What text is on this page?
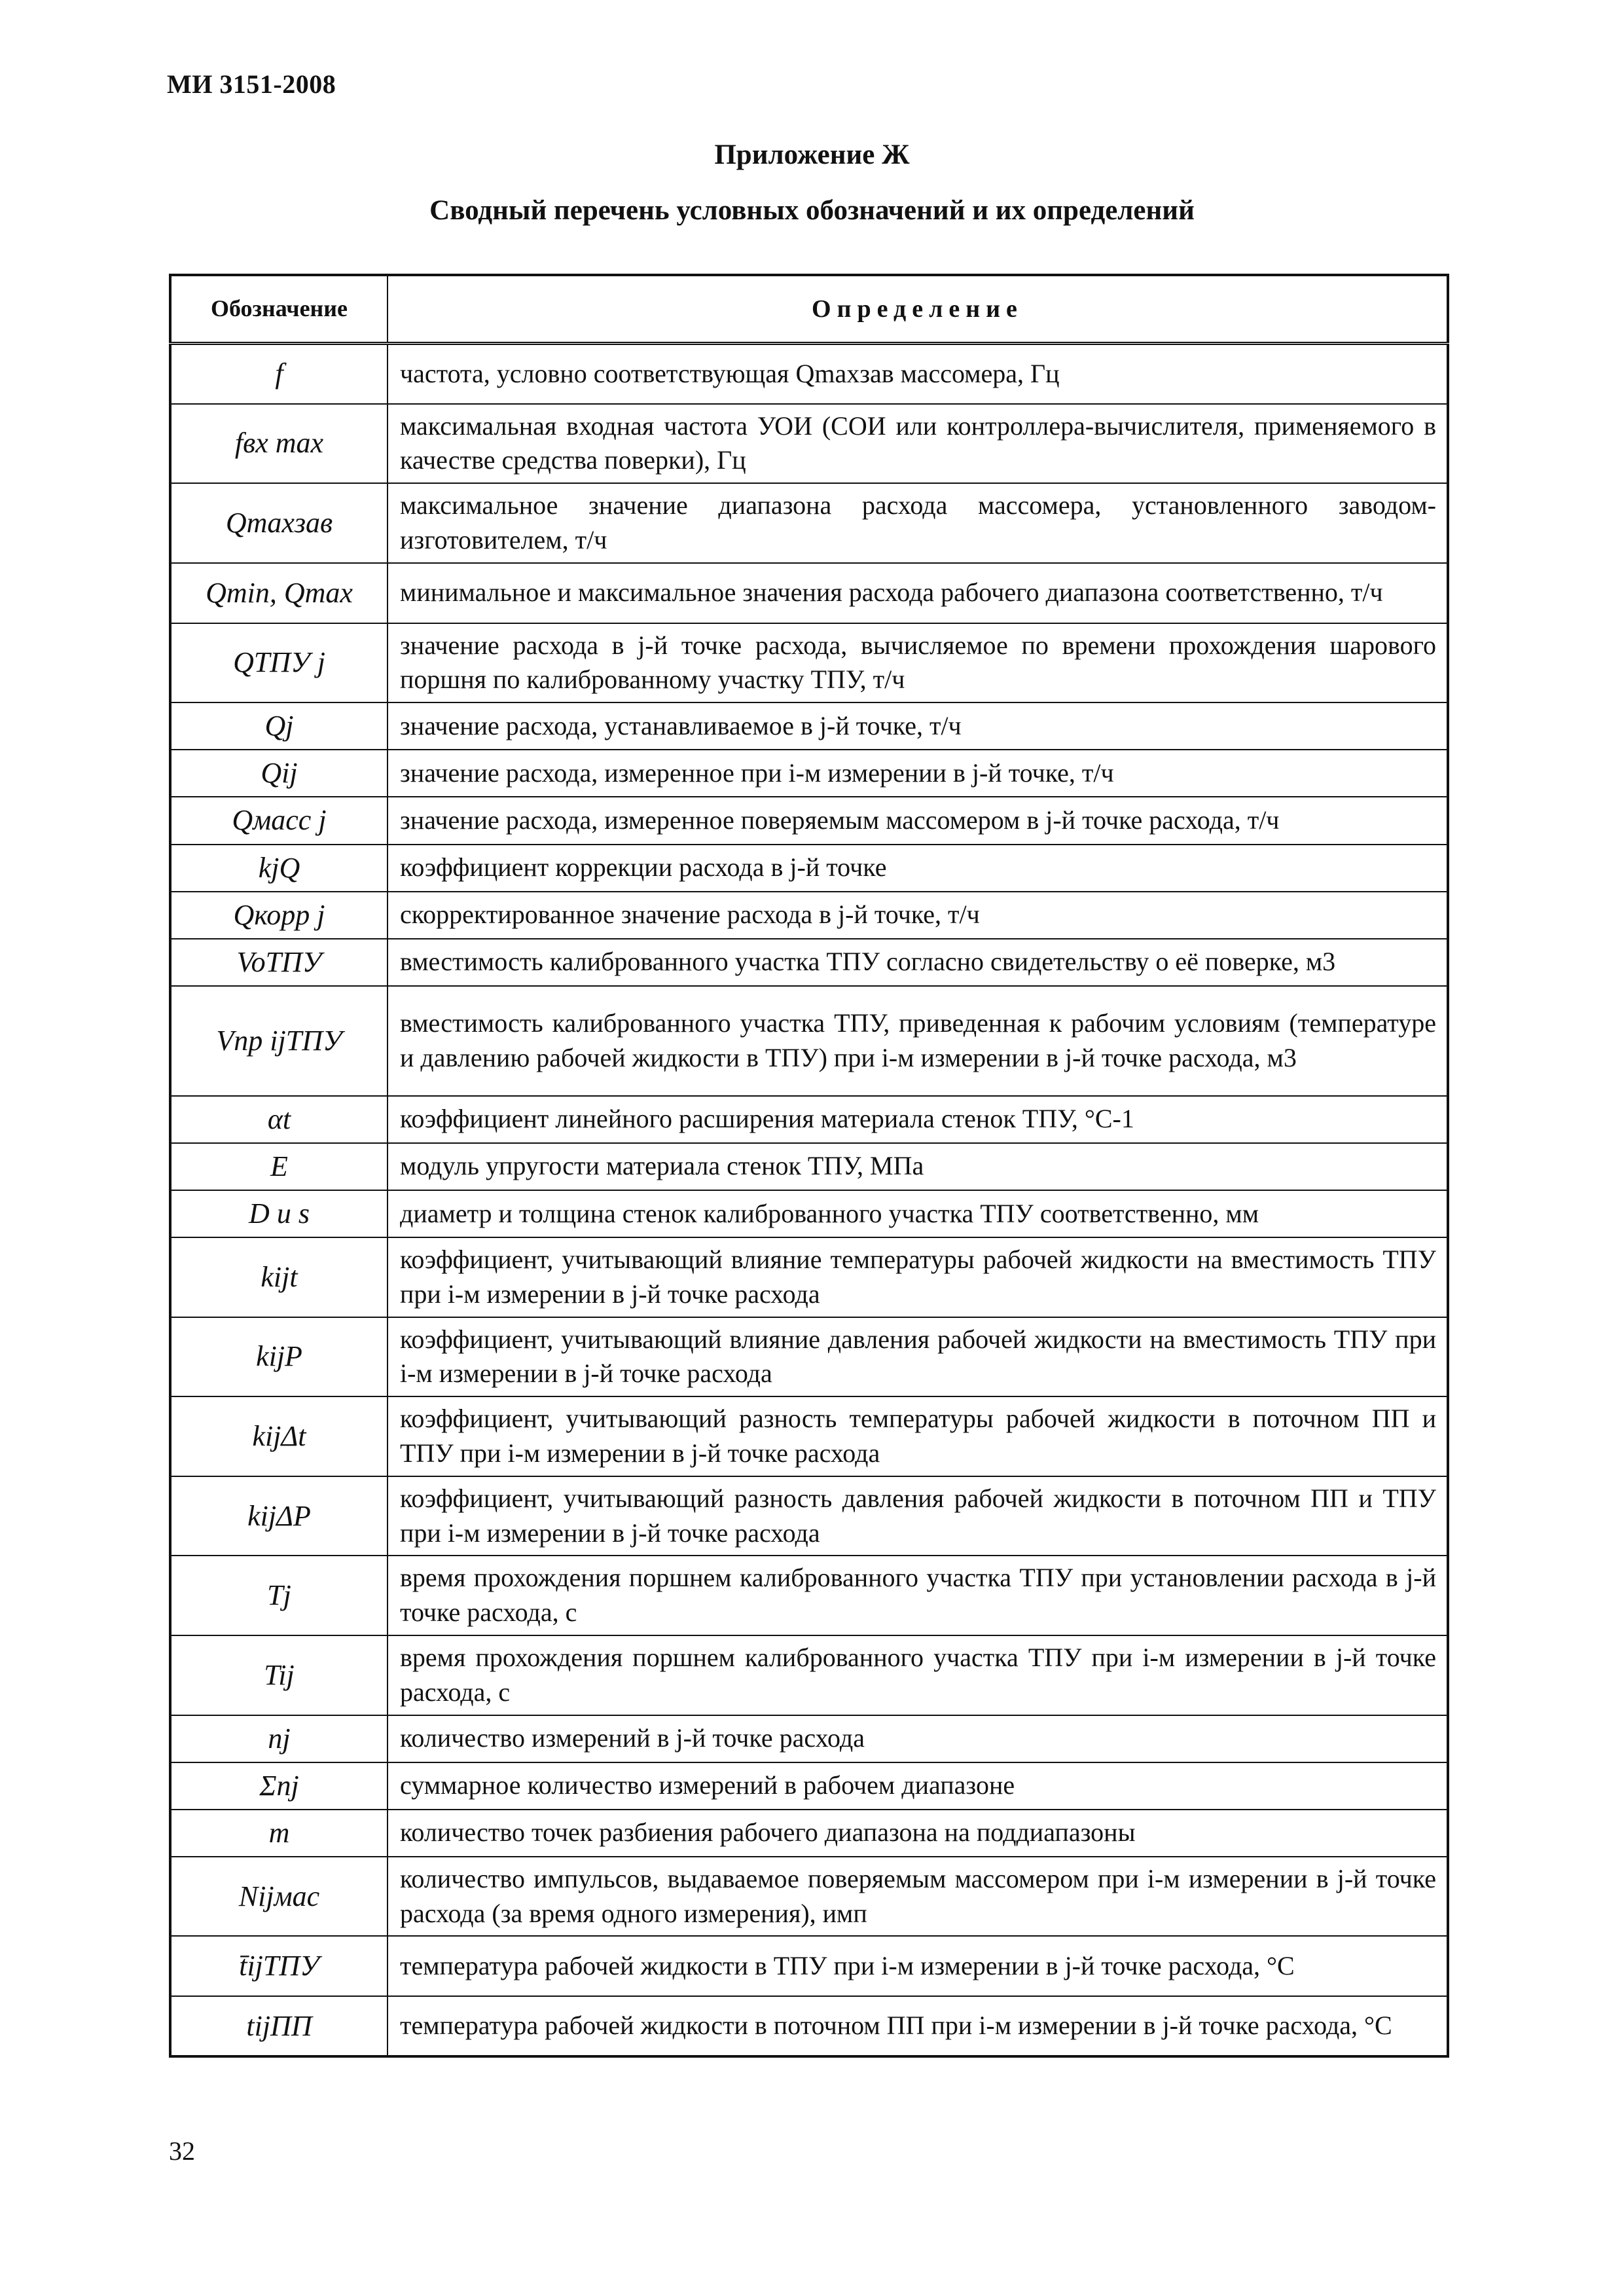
МИ 3151-2008
Приложение Ж
Сводный перечень условных обозначений и их определений
Обозначение	Определение
f	частота, условно соответствующая Qmaxзав массомера, Гц
fвх max	максимальная входная частота УОИ (СОИ или контроллера-вычислителя, применяемого в качестве средства поверки), Гц
Qmaxзав	максимальное значение диапазона расхода массомера, установленного заводом-изготовителем, т/ч
Qmin, Qmax	минимальное и максимальное значения расхода рабочего диапазона соответственно, т/ч
QТПУ j	значение расхода в j-й точке расхода, вычисляемое по времени прохождения шарового поршня по калиброванному участку ТПУ, т/ч
Qj	значение расхода, устанавливаемое в j-й точке, т/ч
Qij	значение расхода, измеренное при i-м измерении в j-й точке, т/ч
Qмасс j	значение расхода, измеренное поверяемым массомером в j-й точке расхода, т/ч
kjQ	коэффициент коррекции расхода в j-й точке
Qкорр j	скорректированное значение расхода в j-й точке, т/ч
VoТПУ	вместимость калиброванного участка ТПУ согласно свидетельству о её поверке, м3
Vпр ijТПУ	вместимость калиброванного участка ТПУ, приведенная к рабочим условиям (температуре и давлению рабочей жидкости в ТПУ) при i-м измерении в j-й точке расхода, м3
αt	коэффициент линейного расширения материала стенок ТПУ, °С-1
E	модуль упругости материала стенок ТПУ, МПа
D и s	диаметр и толщина стенок калиброванного участка ТПУ соответственно, мм
kijt	коэффициент, учитывающий влияние температуры рабочей жидкости на вместимость ТПУ при i-м измерении в j-й точке расхода
kijP	коэффициент, учитывающий влияние давления рабочей жидкости на вместимость ТПУ при i-м измерении в j-й точке расхода
kijΔt	коэффициент, учитывающий разность температуры рабочей жидкости в поточном ПП и ТПУ при i-м измерении в j-й точке расхода
kijΔP	коэффициент, учитывающий разность давления рабочей жидкости в поточном ПП и ТПУ при i-м измерении в j-й точке расхода
Tj	время прохождения поршнем калиброванного участка ТПУ при установлении расхода в j-й точке расхода, с
Tij	время прохождения поршнем калиброванного участка ТПУ при i-м измерении в j-й точке расхода, с
nj	количество измерений в j-й точке расхода
Σnj	суммарное количество измерений в рабочем диапазоне
m	количество точек разбиения рабочего диапазона на поддиапазоны
Nijмас	количество импульсов, выдаваемое поверяемым массомером при i-м измерении в j-й точке расхода (за время одного измерения), имп
t̄ijТПУ	температура рабочей жидкости в ТПУ при i-м измерении в j-й точке расхода, °С
tijПП	температура рабочей жидкости в поточном ПП при i-м измерении в j-й точке расхода, °С
32
